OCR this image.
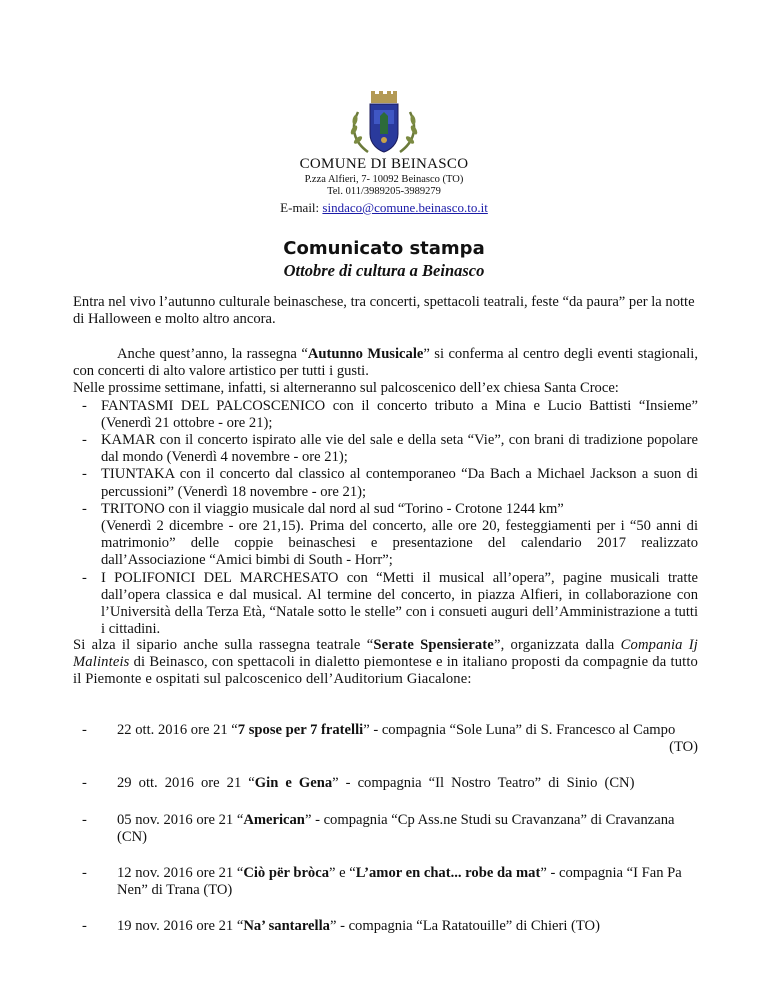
COMUNE DI BEINASCO
P.zza Alfieri, 7- 10092 Beinasco (TO)
Tel. 011/3989205-3989279
E-mail: sindaco@comune.beinasco.to.it
Comunicato stampa
Ottobre di cultura a Beinasco
Entra nel vivo l’autunno culturale beinaschese, tra concerti, spettacoli teatrali, feste “da paura” per la notte di Halloween e molto altro ancora.
Anche quest’anno, la rassegna “Autunno Musicale” si conferma al centro degli eventi stagionali, con concerti di alto valore artistico per tutti i gusti.
Nelle prossime settimane, infatti, si alterneranno sul palcoscenico dell’ex chiesa Santa Croce:
- FANTASMI DEL PALCOSCENICO con il concerto tributo a Mina e Lucio Battisti “Insieme” (Venerdì 21 ottobre - ore 21);
- KAMAR con il concerto ispirato alle vie del sale e della seta “Vie”, con brani di tradizione popolare dal mondo (Venerdì 4 novembre - ore 21);
- TIUNTAKA con il concerto dal classico al contemporaneo “Da Bach a Michael Jackson a suon di percussioni” (Venerdì 18 novembre - ore 21);
- TRITONO con il viaggio musicale dal nord al sud “Torino - Crotone 1244 km”
(Venerdì 2 dicembre - ore 21,15). Prima del concerto, alle ore 20, festeggiamenti per i “50 anni di matrimonio” delle coppie beinaschesi e presentazione del calendario 2017 realizzato dall’Associazione “Amici bimbi di South - Horr”;
- I POLIFONICI DEL MARCHESATO con “Metti il musical all’opera”, pagine musicali tratte dall’opera classica e dal musical. Al termine del concerto, in piazza Alfieri, in collaborazione con l’Università della Terza Età, “Natale sotto le stelle” con i consueti auguri dell’Amministrazione a tutti i cittadini.
Si alza il sipario anche sulla rassegna teatrale “Serate Spensierate”, organizzata dalla Compania Ij Malinteis di Beinasco, con spettacoli in dialetto piemontese e in italiano proposti da compagnie da tutto il Piemonte e ospitati sul palcoscenico dell’Auditorium Giacalone:
- 22 ott. 2016 ore 21 “7 spose per 7 fratelli” - compagnia “Sole Luna” di S. Francesco al Campo
(TO)
- 29 ott. 2016 ore 21 “Gin e Gena” - compagnia “Il Nostro Teatro” di Sinio (CN)
- 05 nov. 2016 ore 21 “American” - compagnia “Cp Ass.ne Studi su Cravanzana” di Cravanzana (CN)
- 12 nov. 2016 ore 21 “Ciò për bròca” e “L’amor en chat... robe da mat” - compagnia “I Fan Pa Nen” di Trana (TO)
- 19 nov. 2016 ore 21 “Na’ santarella” - compagnia “La Ratatouille” di Chieri (TO)
